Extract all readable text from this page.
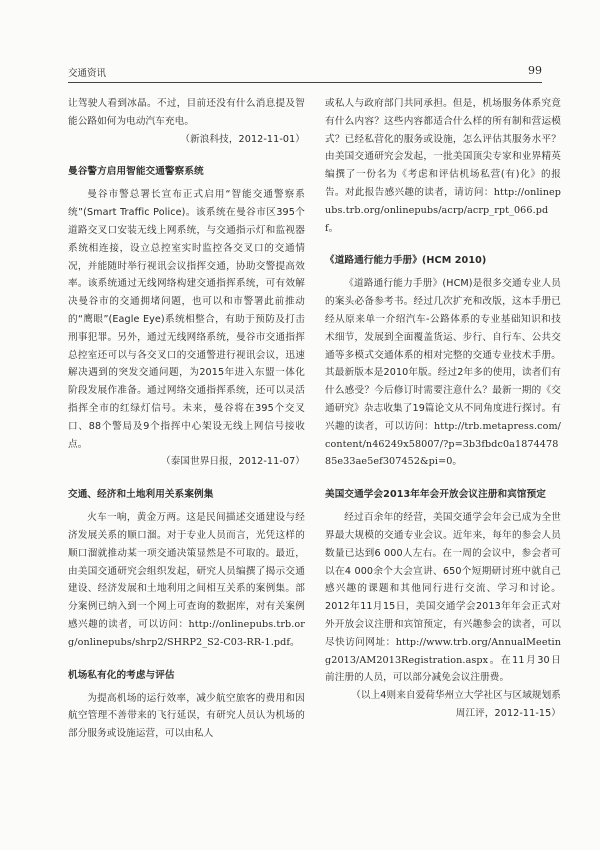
交通资讯	99

让驾驶人看到冰晶。不过，目前还没有什么消息提及智能公路如何为电动汽车充电。

（新浪科技，2012-11-01）

曼谷警方启用智能交通警察系统

曼谷市警总署长宣布正式启用“智能交通警察系统”(Smart Traffic Police)。该系统在曼谷市区395个道路交叉口安装无线上网系统，与交通指示灯和监视器系统相连接，设立总控室实时监控各交叉口的交通情况，并能随时举行视讯会议指挥交通，协助交警提高效率。该系统通过无线网络构建交通指挥系统，可有效解决曼谷市的交通拥堵问题，也可以和市警署此前推动的“鹰眼”(Eagle Eye)系统相整合，有助于预防及打击刑事犯罪。另外，通过无线网络系统，曼谷市交通指挥总控室还可以与各交叉口的交通警进行视讯会议，迅速解决遇到的突发交通问题，为2015年进入东盟一体化阶段发展作准备。通过网络交通指挥系统，还可以灵活指挥全市的红绿灯信号。未来，曼谷将在395个交叉口、88个警局及9个指挥中心架设无线上网信号接收点。

（泰国世界日报，2012-11-07）

交通、经济和土地利用关系案例集

火车一响，黄金万两。这是民间描述交通建设与经济发展关系的顺口溜。对于专业人员而言，光凭这样的顺口溜就推动某一项交通决策显然是不可取的。最近，由美国交通研究会组织发起，研究人员编撰了揭示交通建设、经济发展和土地利用之间相互关系的案例集。部分案例已纳入到一个网上可查询的数据库，对有关案例感兴趣的读者，可以访问：http://onlinepubs.trb.org/onlinepubs/shrp2/SHRP2_S2-C03-RR-1.pdf。

机场私有化的考虑与评估

为提高机场的运行效率，减少航空旅客的费用和因航空管理不善带来的飞行延误，有研究人员认为机场的部分服务或设施运营，可以由私人

或私人与政府部门共同承担。但是，机场服务体系究竟有什么内容？这些内容都适合什么样的所有制和营运模式？已经私营化的服务或设施，怎么评估其服务水平？由美国交通研究会发起，一批美国顶尖专家和业界精英编撰了一份名为《考虑和评估机场私营(有)化》的报告。对此报告感兴趣的读者，请访问：http://onlinepubs.trb.org/onlinepubs/acrp/acrp_rpt_066.pdf。

《道路通行能力手册》(HCM 2010)

《道路通行能力手册》(HCM)是很多交通专业人员的案头必备参考书。经过几次扩充和改版，这本手册已经从原来单一介绍汽车-公路体系的专业基础知识和技术细节，发展到全面覆盖货运、步行、自行车、公共交通等多模式交通体系的相对完整的交通专业技术手册。其最新版本是2010年版。经过2年多的使用，读者们有什么感受？今后修订时需要注意什么？最新一期的《交通研究》杂志收集了19篇论文从不同角度进行探讨。有兴趣的读者，可以访问：http://trb.metapress.com/content/n46249x58007/?p=3b3fbdc0a187447885e33ae5ef307452&pi=0。

美国交通学会2013年年会开放会议注册和宾馆预定

经过百余年的经营，美国交通学会年会已成为全世界最大规模的交通专业会议。近年来，每年的参会人员数量已达到6 000人左右。在一周的会议中，参会者可以在4 000余个大会宣讲、650个短期研讨班中就自己感兴趣的课题和其他同行进行交流、学习和讨论。2012年11月15日，美国交通学会2013年年会正式对外开放会议注册和宾馆预定，有兴趣参会的读者，可以尽快访问网址：http://www.trb.org/AnnualMeeting2013/AM2013Registration.aspx。在11月30日前注册的人员，可以部分减免会议注册费。

（以上4则来自爱荷华州立大学社区与区域规划系

周江评，2012-11-15）
